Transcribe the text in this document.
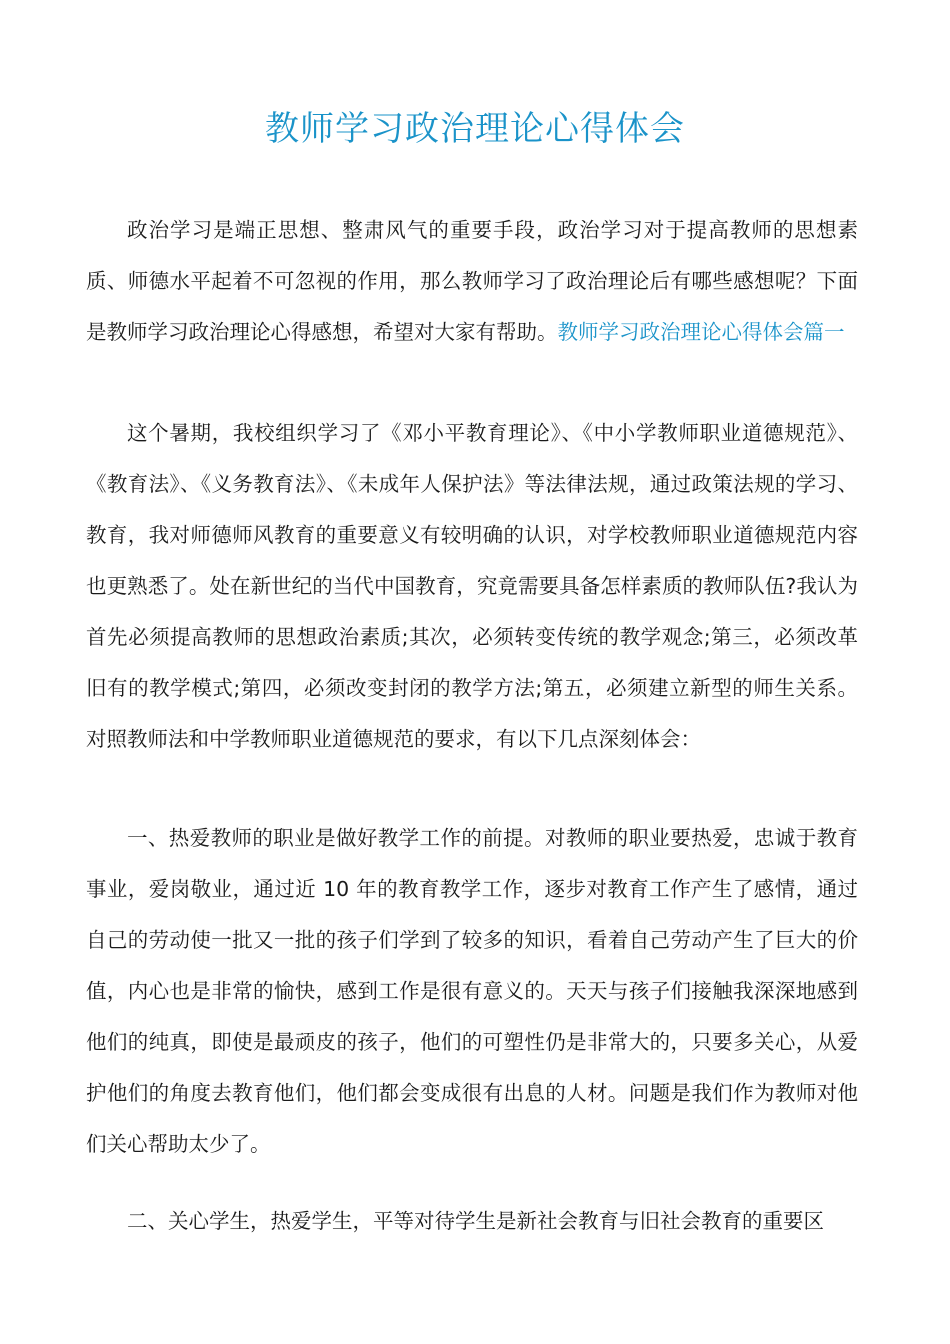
教师学习政治理论心得体会

政治学习是端正思想、整肃风气的重要手段，政治学习对于提高教师的思想素质、师德水平起着不可忽视的作用，那么教师学习了政治理论后有哪些感想呢？下面是教师学习政治理论心得感想，希望对大家有帮助。教师学习政治理论心得体会篇一

这个暑期，我校组织学习了《邓小平教育理论》、《中小学教师职业道德规范》、《教育法》、《义务教育法》、《未成年人保护法》等法律法规，通过政策法规的学习、教育，我对师德师风教育的重要意义有较明确的认识，对学校教师职业道德规范内容也更熟悉了。处在新世纪的当代中国教育，究竟需要具备怎样素质的教师队伍?我认为首先必须提高教师的思想政治素质;其次，必须转变传统的教学观念;第三，必须改革旧有的教学模式;第四，必须改变封闭的教学方法;第五，必须建立新型的师生关系。对照教师法和中学教师职业道德规范的要求，有以下几点深刻体会：

一、热爱教师的职业是做好教学工作的前提。对教师的职业要热爱，忠诚于教育事业，爱岗敬业，通过近 10 年的教育教学工作，逐步对教育工作产生了感情，通过自己的劳动使一批又一批的孩子们学到了较多的知识，看着自己劳动产生了巨大的价值，内心也是非常的愉快，感到工作是很有意义的。天天与孩子们接触我深深地感到他们的纯真，即使是最顽皮的孩子，他们的可塑性仍是非常大的，只要多关心，从爱护他们的角度去教育他们，他们都会变成很有出息的人材。问题是我们作为教师对他们关心帮助太少了。

二、关心学生，热爱学生，平等对待学生是新社会教育与旧社会教育的重要区
